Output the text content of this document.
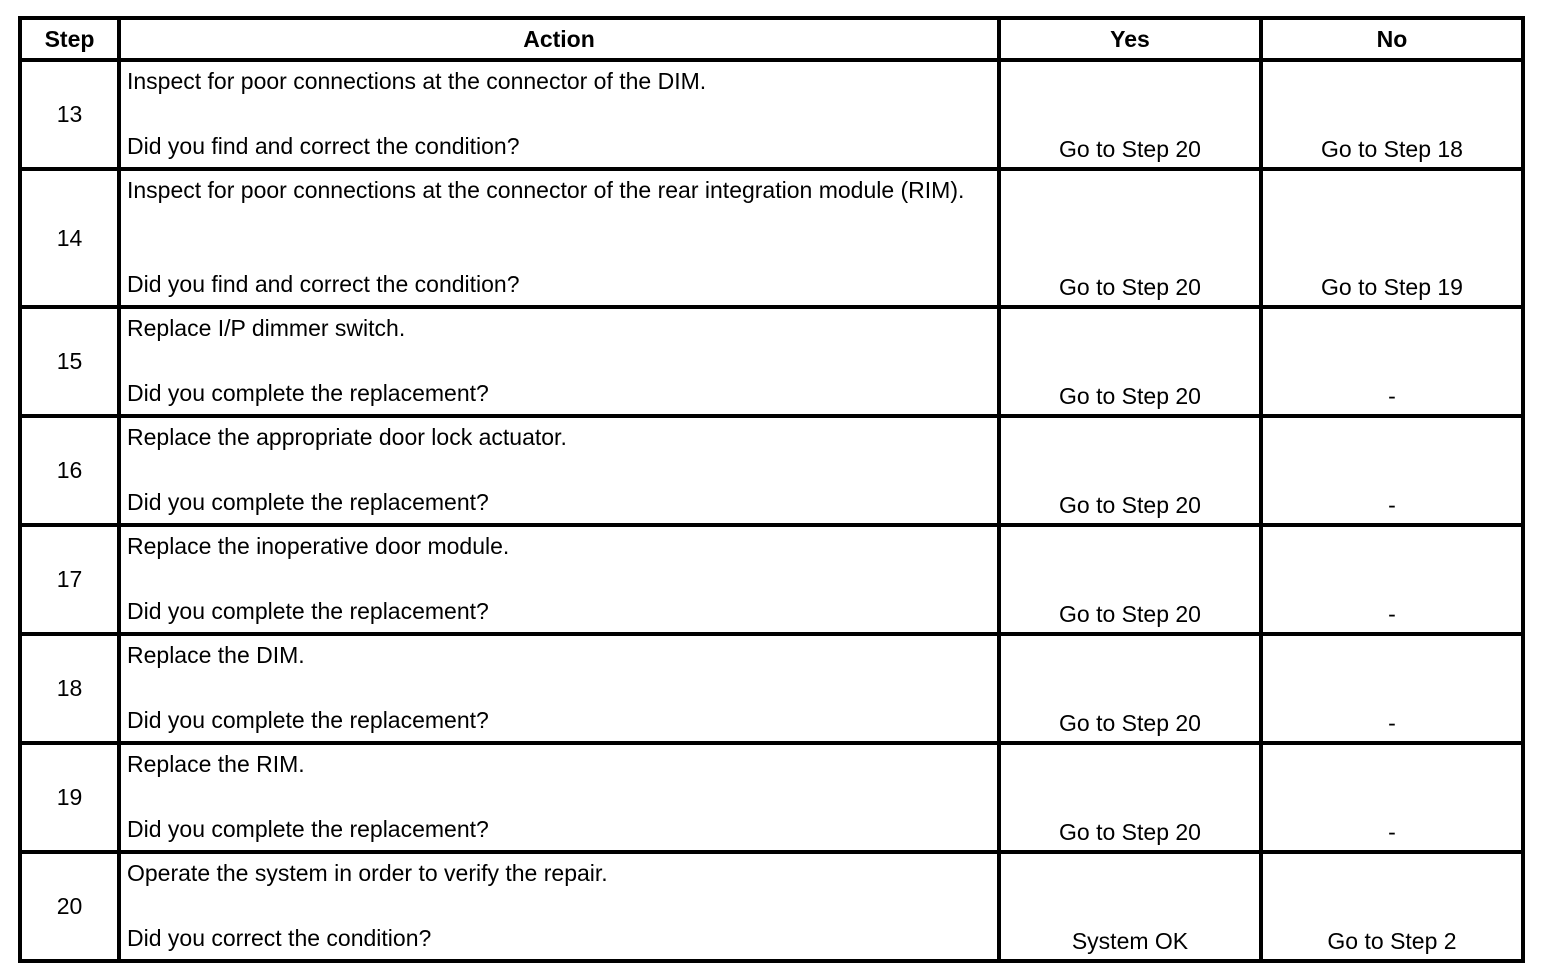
Step	Action	Yes	No
13	Inspect for poor connections at the connector of the DIM.
Did you find and correct the condition?	Go to Step 20	Go to Step 18
14	Inspect for poor connections at the connector of the rear integration module (RIM).
Did you find and correct the condition?	Go to Step 20	Go to Step 19
15	Replace I/P dimmer switch.
Did you complete the replacement?	Go to Step 20	-
16	Replace the appropriate door lock actuator.
Did you complete the replacement?	Go to Step 20	-
17	Replace the inoperative door module.
Did you complete the replacement?	Go to Step 20	-
18	Replace the DIM.
Did you complete the replacement?	Go to Step 20	-
19	Replace the RIM.
Did you complete the replacement?	Go to Step 20	-
20	Operate the system in order to verify the repair.
Did you correct the condition?	System OK	Go to Step 2
